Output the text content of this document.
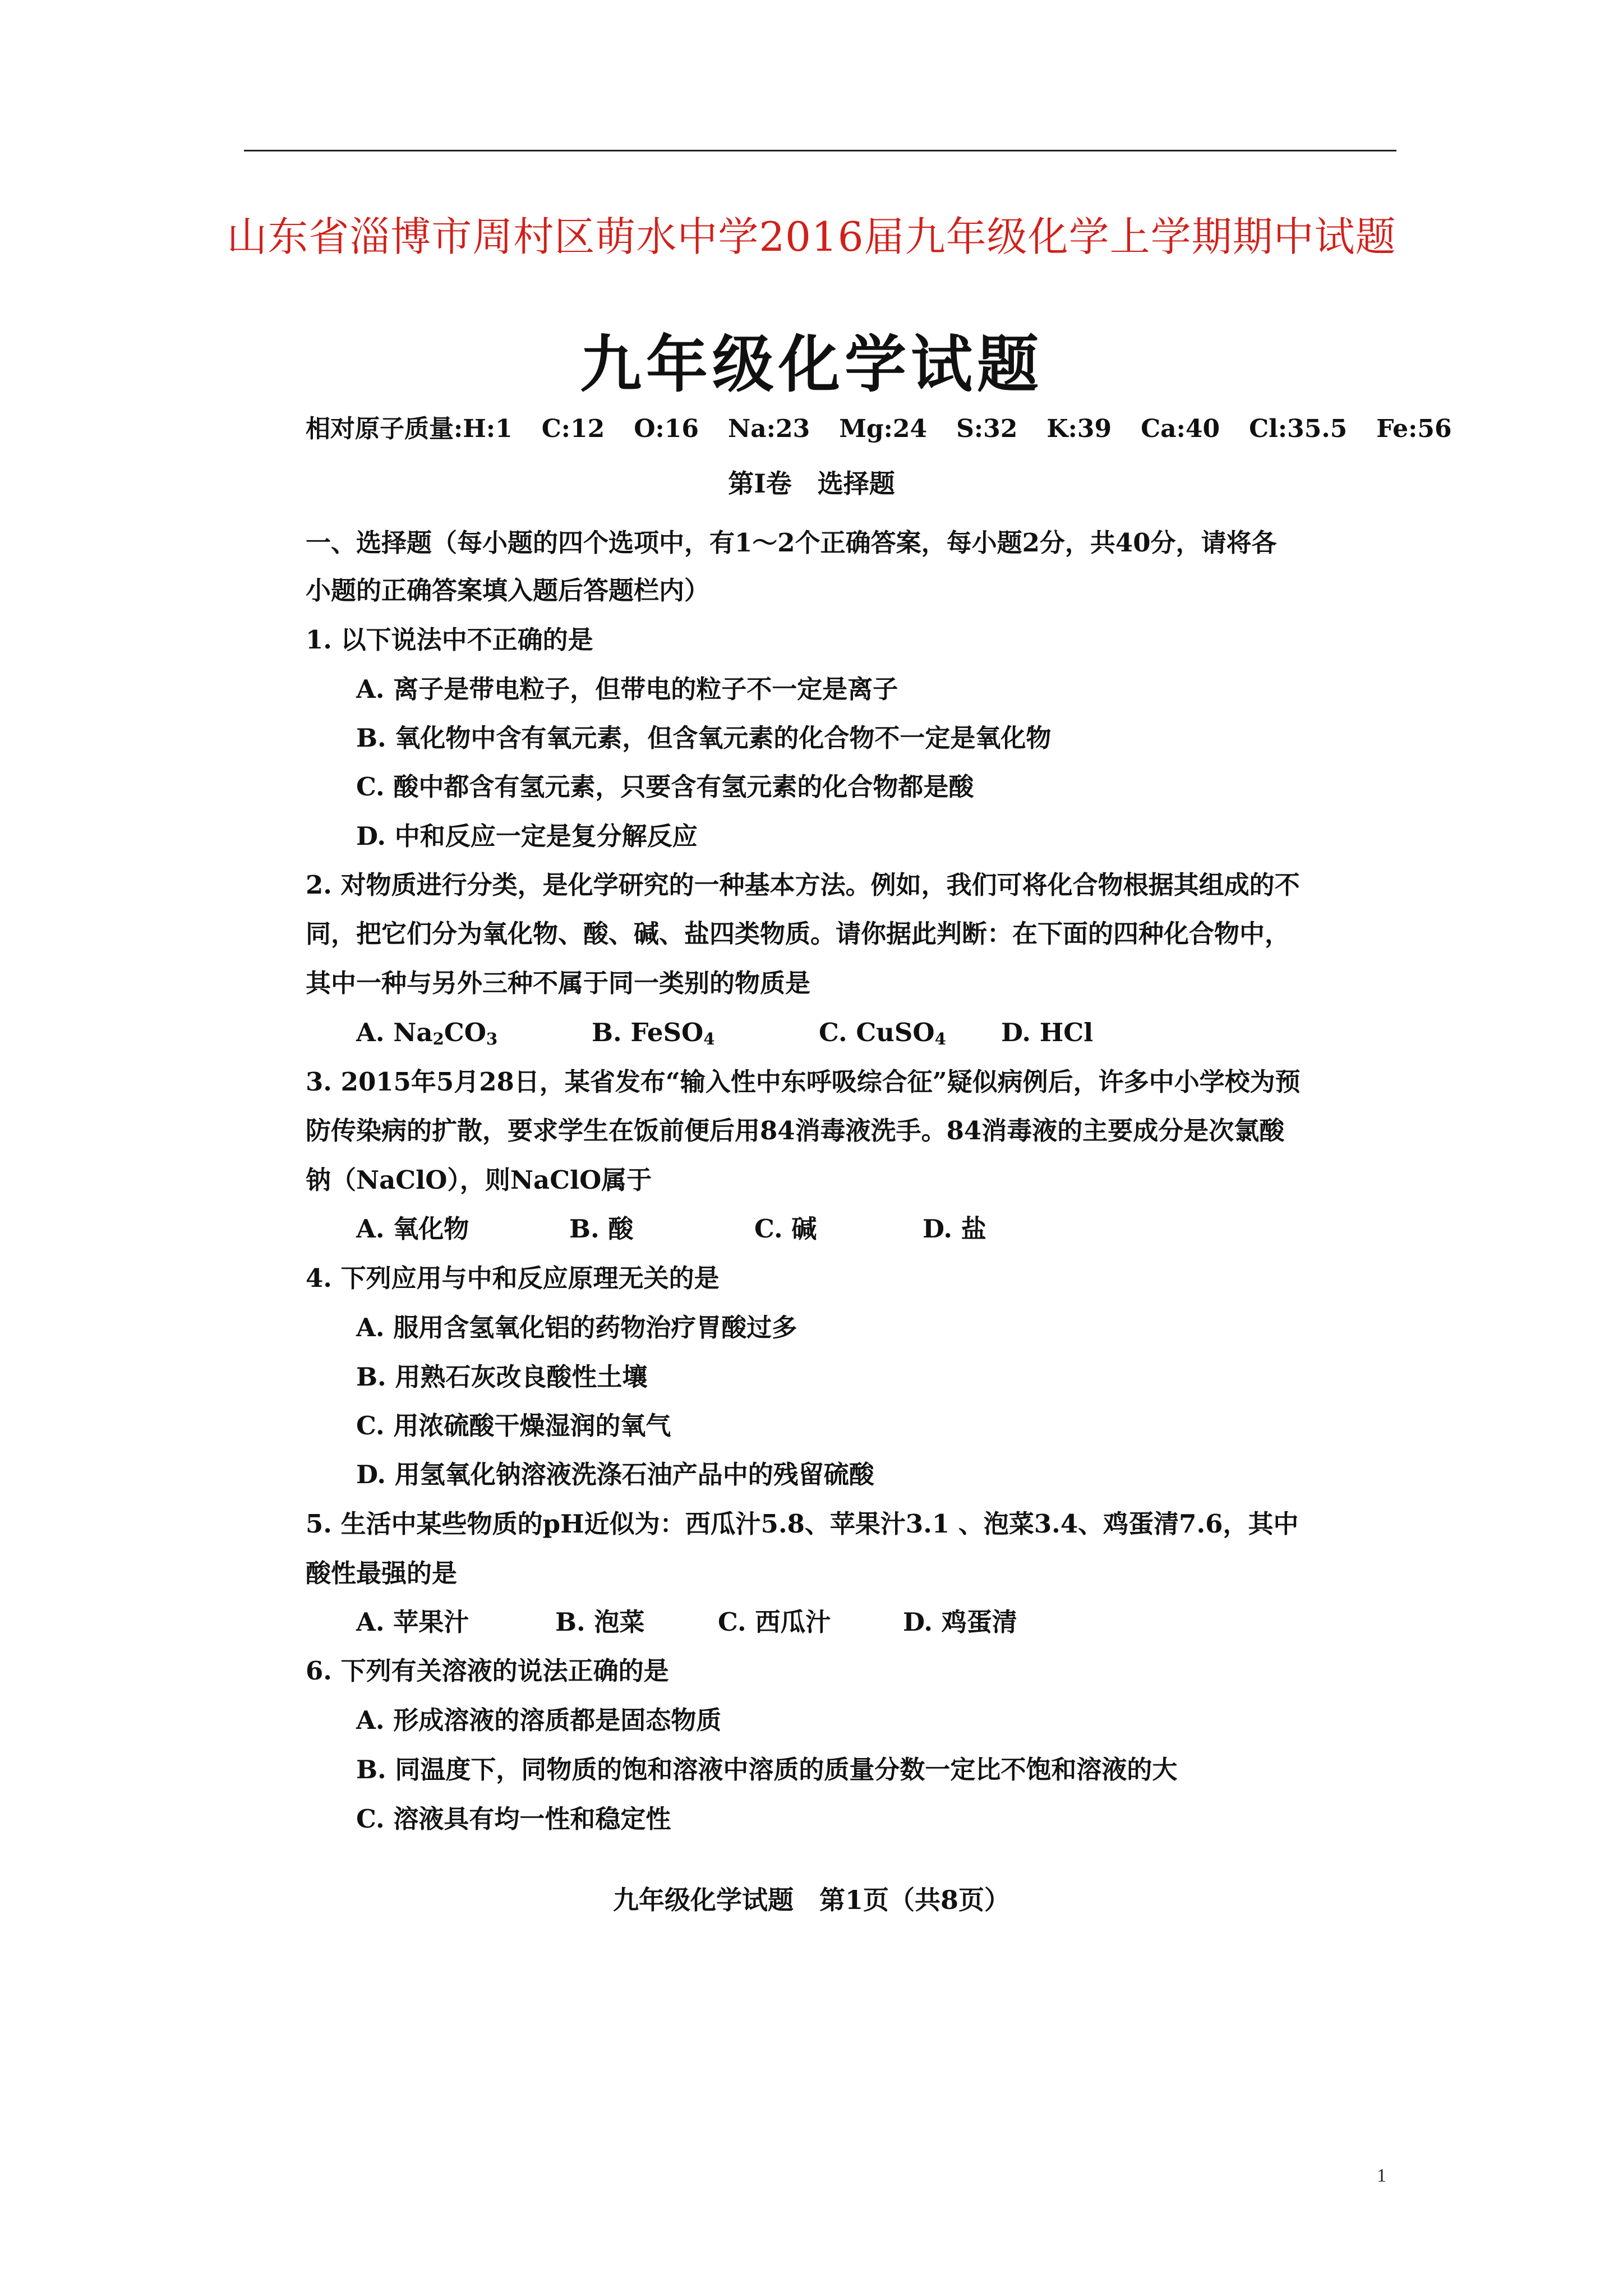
山东省淄博市周村区萌水中学2016届九年级化学上学期期中试题
九年级化学试题
相对原子质量:H:1 C:12 O:16 Na:23 Mg:24 S:32 K:39 Ca:40 Cl:35.5 Fe:56
第Ⅰ卷　选择题
一、选择题（每小题的四个选项中，有1～2个正确答案，每小题2分，共40分，请将各
小题的正确答案填入题后答题栏内）
1. 以下说法中不正确的是
A. 离子是带电粒子，但带电的粒子不一定是离子
B. 氧化物中含有氧元素，但含氧元素的化合物不一定是氧化物
C. 酸中都含有氢元素，只要含有氢元素的化合物都是酸
D. 中和反应一定是复分解反应
2. 对物质进行分类，是化学研究的一种基本方法。例如，我们可将化合物根据其组成的不
同，把它们分为氧化物、酸、碱、盐四类物质。请你据此判断：在下面的四种化合物中，
其中一种与另外三种不属于同一类别的物质是
A. $Na_2CO_3$	B. FeSO$_4$	C. CuSO$_4$ D. HCl
3. 2015年5月28日，某省发布“输入性中东呼吸综合征”疑似病例后，许多中小学校为预
防传染病的扩散，要求学生在饭前便后用84消毒液洗手。84消毒液的主要成分是次氯酸
钠（NaClO），则NaClO属于
A. 氧化物	B. 酸	C. 碱	D. 盐
4. 下列应用与中和反应原理无关的是
A. 服用含氢氧化铝的药物治疗胃酸过多
B. 用熟石灰改良酸性土壤
C. 用浓硫酸干燥湿润的氧气
D. 用氢氧化钠溶液洗涤石油产品中的残留硫酸
5. 生活中某些物质的pH近似为：西瓜汁5.8、苹果汁3.1 、泡菜3.4、鸡蛋清7.6，其中
酸性最强的是
A. 苹果汁	B. 泡菜	C. 西瓜汁	D. 鸡蛋清
6. 下列有关溶液的说法正确的是
A. 形成溶液的溶质都是固态物质
B. 同温度下，同物质的饱和溶液中溶质的质量分数一定比不饱和溶液的大
C. 溶液具有均一性和稳定性
九年级化学试题　第1页（共8页）
1
